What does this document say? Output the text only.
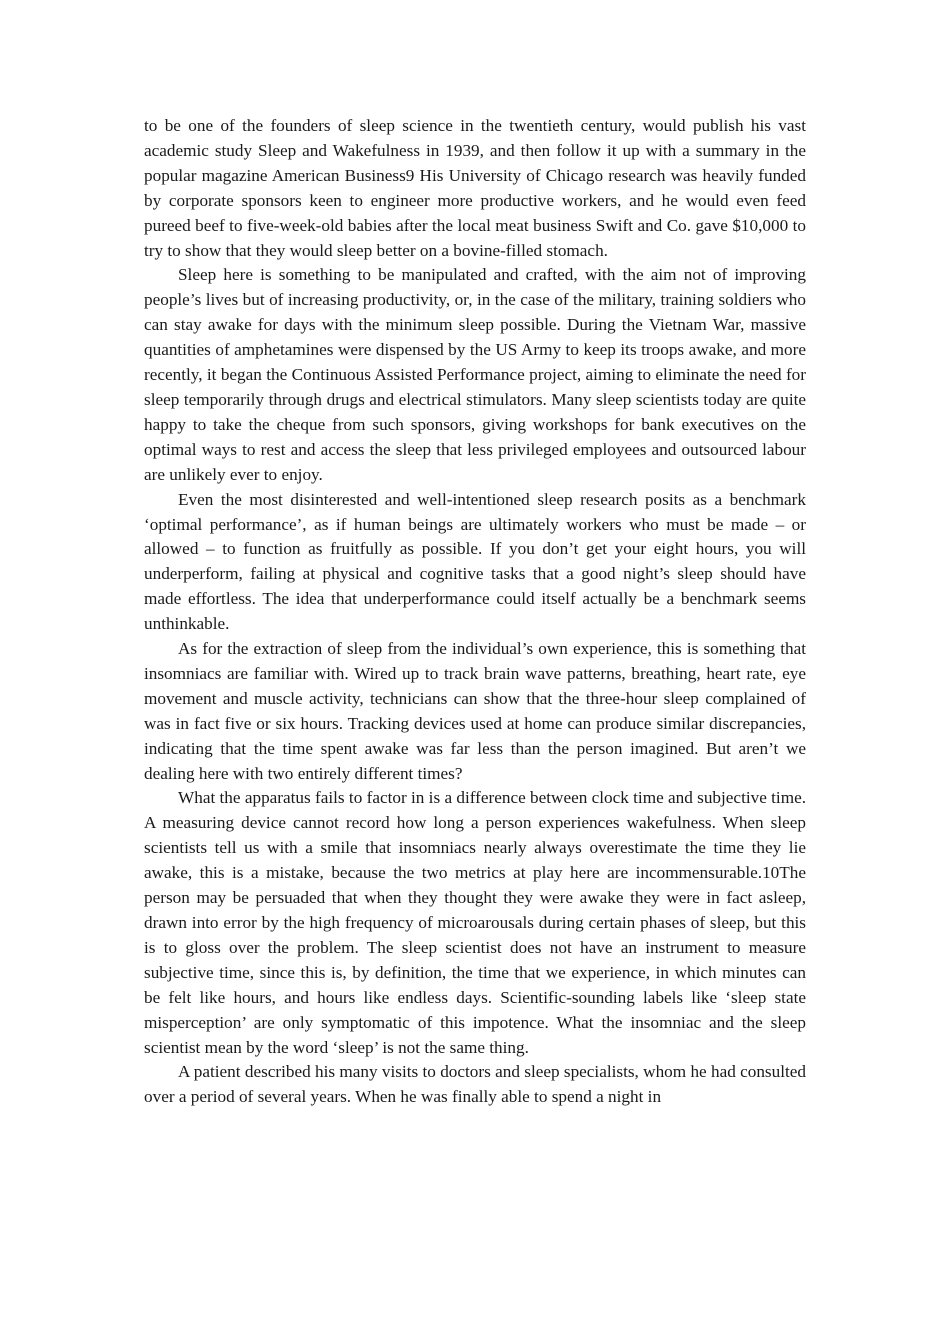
to be one of the founders of sleep science in the twentieth century, would publish his vast academic study Sleep and Wakefulness in 1939, and then follow it up with a summary in the popular magazine American Business9 His University of Chicago research was heavily funded by corporate sponsors keen to engineer more productive workers, and he would even feed pureed beef to five-week-old babies after the local meat business Swift and Co. gave $10,000 to try to show that they would sleep better on a bovine-filled stomach.

Sleep here is something to be manipulated and crafted, with the aim not of improving people’s lives but of increasing productivity, or, in the case of the military, training soldiers who can stay awake for days with the minimum sleep possible. During the Vietnam War, massive quantities of amphetamines were dispensed by the US Army to keep its troops awake, and more recently, it began the Continuous Assisted Performance project, aiming to eliminate the need for sleep temporarily through drugs and electrical stimulators. Many sleep scientists today are quite happy to take the cheque from such sponsors, giving workshops for bank executives on the optimal ways to rest and access the sleep that less privileged employees and outsourced labour are unlikely ever to enjoy.

Even the most disinterested and well-intentioned sleep research posits as a benchmark ‘optimal performance’, as if human beings are ultimately workers who must be made – or allowed – to function as fruitfully as possible. If you don’t get your eight hours, you will underperform, failing at physical and cognitive tasks that a good night’s sleep should have made effortless. The idea that underperformance could itself actually be a benchmark seems unthinkable.

As for the extraction of sleep from the individual’s own experience, this is something that insomniacs are familiar with. Wired up to track brain wave patterns, breathing, heart rate, eye movement and muscle activity, technicians can show that the three-hour sleep complained of was in fact five or six hours. Tracking devices used at home can produce similar discrepancies, indicating that the time spent awake was far less than the person imagined. But aren’t we dealing here with two entirely different times?

What the apparatus fails to factor in is a difference between clock time and subjective time. A measuring device cannot record how long a person experiences wakefulness. When sleep scientists tell us with a smile that insomniacs nearly always overestimate the time they lie awake, this is a mistake, because the two metrics at play here are incommensurable.10The person may be persuaded that when they thought they were awake they were in fact asleep, drawn into error by the high frequency of microarousals during certain phases of sleep, but this is to gloss over the problem. The sleep scientist does not have an instrument to measure subjective time, since this is, by definition, the time that we experience, in which minutes can be felt like hours, and hours like endless days. Scientific-sounding labels like ‘sleep state misperception’ are only symptomatic of this impotence. What the insomniac and the sleep scientist mean by the word ‘sleep’ is not the same thing.

A patient described his many visits to doctors and sleep specialists, whom he had consulted over a period of several years. When he was finally able to spend a night in
